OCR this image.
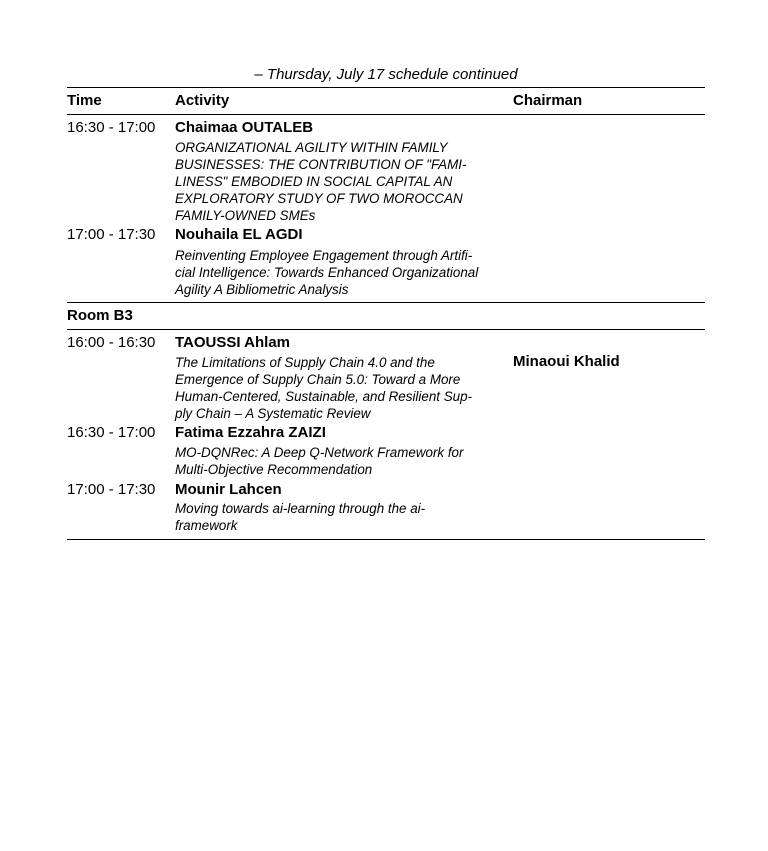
– Thursday, July 17 schedule continued
Time	Activity	Chairman
16:30 - 17:00 Chaimaa OUTALEB
ORGANIZATIONAL AGILITY WITHIN FAMILY
BUSINESSES: THE CONTRIBUTION OF "FAMI-
LINESS" EMBODIED IN SOCIAL CAPITAL AN
EXPLORATORY STUDY OF TWO MOROCCAN
FAMILY-OWNED SMEs
17:00 - 17:30 Nouhaila EL AGDI
Reinventing Employee Engagement through Artifi-
cial Intelligence: Towards Enhanced Organizational
Agility A Bibliometric Analysis
Room B3
16:00 - 16:30 TAOUSSI Ahlam
The Limitations of Supply Chain 4.0 and the
Emergence of Supply Chain 5.0: Toward a More
Human-Centered, Sustainable, and Resilient Sup-
ply Chain – A Systematic Review
Minaoui Khalid
16:30 - 17:00 Fatima Ezzahra ZAIZI
MO-DQNRec: A Deep Q-Network Framework for
Multi-Objective Recommendation
17:00 - 17:30 Mounir Lahcen
Moving towards ai-learning through the ai-
framework
